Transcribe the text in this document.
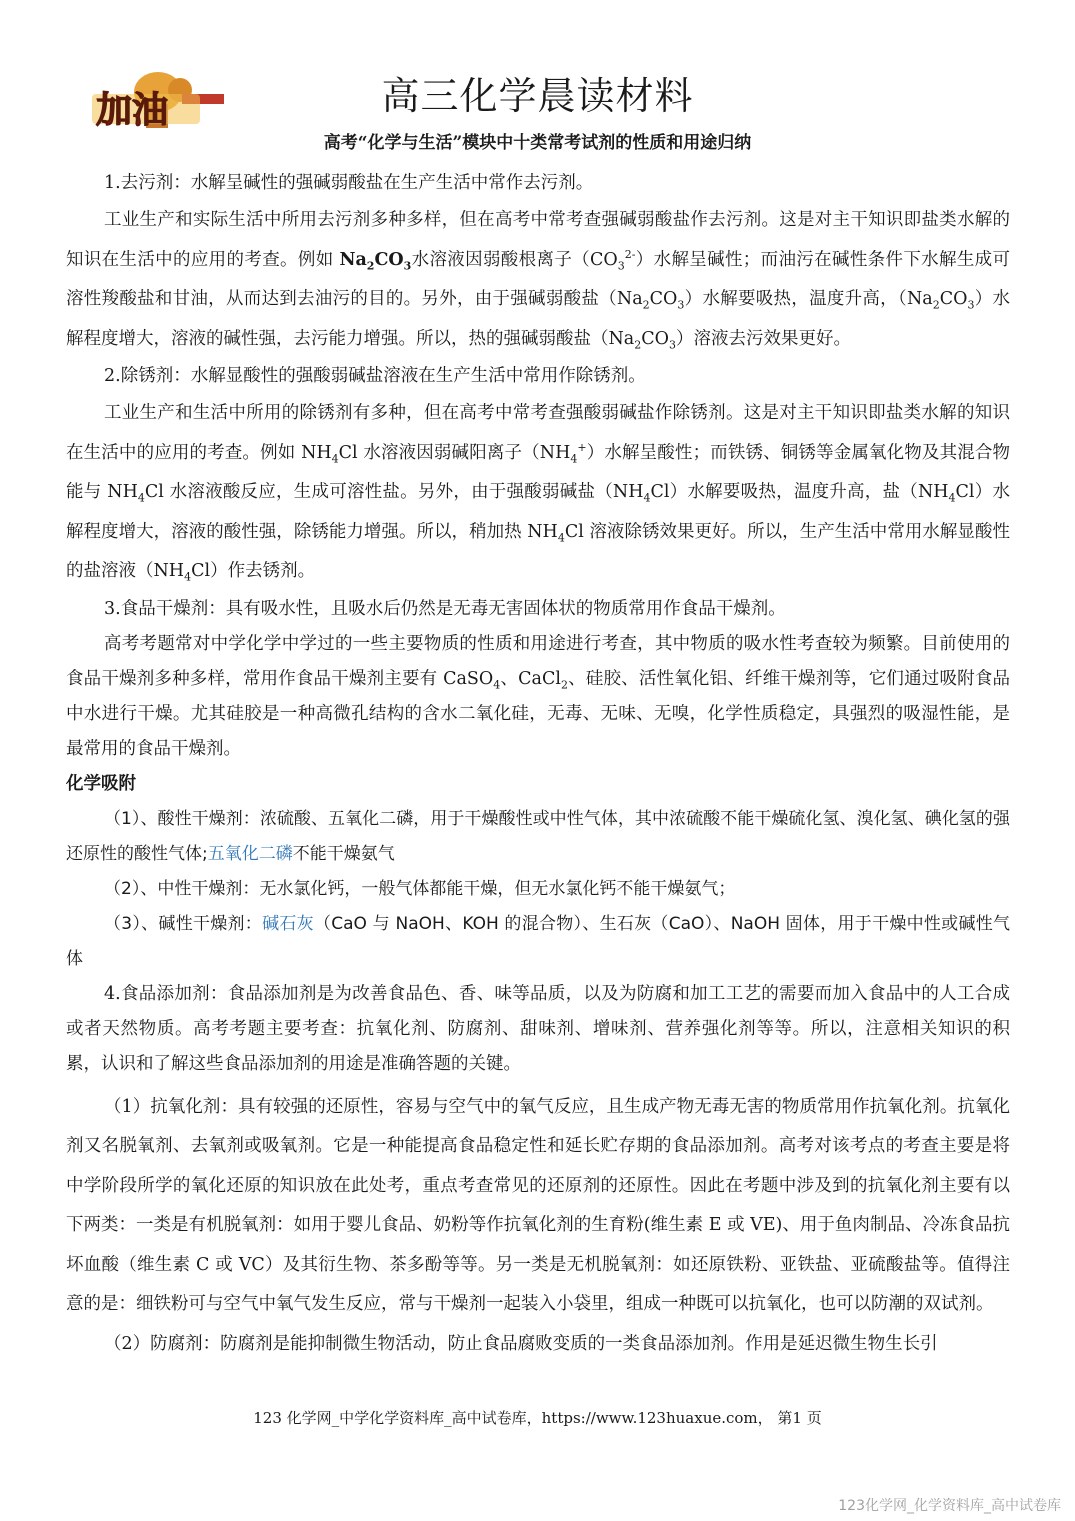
加油	高三化学晨读材料
高考“化学与生活”模块中十类常考试剂的性质和用途归纳

1.去污剂：水解呈碱性的强碱弱酸盐在生产生活中常作去污剂。

工业生产和实际生活中所用去污剂多种多样，但在高考中常考查强碱弱酸盐作去污剂。这是对主干知识即盐类水解的知识在生活中的应用的考查。例如 $Na_2CO_3$水溶液因弱酸根离子$(CO_3^{2-})$水解呈碱性；而油污在碱性条件下水解生成可溶性羧酸盐和甘油，从而达到去油污的目的。另外，由于强碱弱酸盐$(Na_2CO_3)$水解要吸热，温度升高，$(Na_2CO_3)$水解程度增大，溶液的碱性强，去污能力增强。所以，热的强碱弱酸盐$(Na_2CO_3)$溶液去污效果更好。

2.除锈剂：水解显酸性的强酸弱碱盐溶液在生产生活中常用作除锈剂。

工业生产和生活中所用的除锈剂有多种，但在高考中常考查强酸弱碱盐作除锈剂。这是对主干知识即盐类水解的知识在生活中的应用的考查。例如 $NH_4Cl$ 水溶液因弱碱阳离子$(NH_4^+)$水解呈酸性；而铁锈、铜锈等金属氧化物及其混合物能与 $NH_4Cl$ 水溶液酸反应，生成可溶性盐。另外，由于强酸弱碱盐$(NH_4Cl)$水解要吸热，温度升高，盐$(NH_4Cl)$水解程度增大，溶液的酸性强，除锈能力增强。所以，稍加热 $NH_4Cl$ 溶液除锈效果更好。所以，生产生活中常用水解显酸性的盐溶液$(NH_4Cl)$作去锈剂。

3.食品干燥剂：具有吸水性，且吸水后仍然是无毒无害固体状的物质常用作食品干燥剂。

高考考题常对中学化学中学过的一些主要物质的性质和用途进行考查，其中物质的吸水性考查较为频繁。目前使用的食品干燥剂多种多样，常用作食品干燥剂主要有 CaSO$_4$、CaCl$_2$、硅胶、活性氧化铝、纤维干燥剂等，它们通过吸附食品中水进行干燥。尤其硅胶是一种高微孔结构的含水二氧化硅，无毒、无味、无嗅，化学性质稳定，具强烈的吸湿性能，是最常用的食品干燥剂。

化学吸附

（1）、酸性干燥剂：浓硫酸、五氧化二磷，用于干燥酸性或中性气体，其中浓硫酸不能干燥硫化氢、溴化氢、碘化氢的强还原性的酸性气体;五氧化二磷不能干燥氨气

（2）、中性干燥剂：无水氯化钙，一般气体都能干燥，但无水氯化钙不能干燥氨气；

（3）、碱性干燥剂：碱石灰（CaO 与 NaOH、KOH 的混合物）、生石灰（CaO）、NaOH 固体，用于干燥中性或碱性气体

4.食品添加剂：食品添加剂是为改善食品色、香、味等品质，以及为防腐和加工工艺的需要而加入食品中的人工合成或者天然物质。高考考题主要考查：抗氧化剂、防腐剂、甜味剂、增味剂、营养强化剂等等。所以，注意相关知识的积累，认识和了解这些食品添加剂的用途是准确答题的关键。

（1）抗氧化剂：具有较强的还原性，容易与空气中的氧气反应，且生成产物无毒无害的物质常用作抗氧化剂。抗氧化剂又名脱氧剂、去氧剂或吸氧剂。它是一种能提高食品稳定性和延长贮存期的食品添加剂。高考对该考点的考查主要是将中学阶段所学的氧化还原的知识放在此处考，重点考查常见的还原剂的还原性。因此在考题中涉及到的抗氧化剂主要有以下两类：一类是有机脱氧剂：如用于婴儿食品、奶粉等作抗氧化剂的生育粉(维生素 E 或 VE)、用于鱼肉制品、冷冻食品抗坏血酸（维生素 C 或 VC）及其衍生物、茶多酚等等。另一类是无机脱氧剂：如还原铁粉、亚铁盐、亚硫酸盐等。值得注意的是：细铁粉可与空气中氧气发生反应，常与干燥剂一起装入小袋里，组成一种既可以抗氧化，也可以防潮的双试剂。

（2）防腐剂：防腐剂是能抑制微生物活动，防止食品腐败变质的一类食品添加剂。作用是延迟微生物生长引

123 化学网_中学化学资料库_高中试卷库，https://www.123huaxue.com， 第1 页
123化学网_化学资料库_高中试卷库
